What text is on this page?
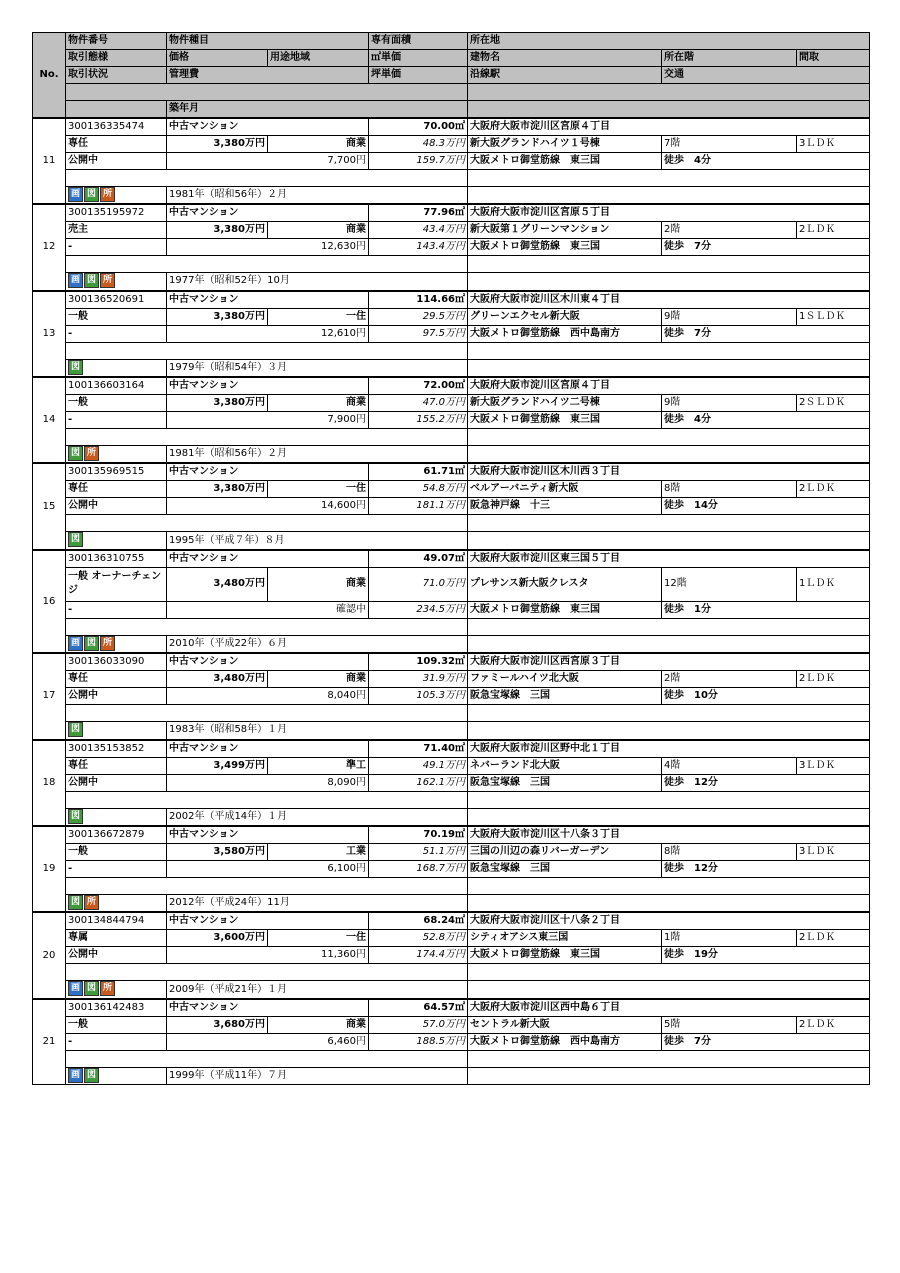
No.	物件番号	物件種目		専有面積	所在地		
	取引態様	価格	用途地域	㎡単価	建物名	所在階	間取
	取引状況	管理費		坪単価	沿線駅	交通	

		築年月					
11	300136335474	中古マンション		70.00㎡	大阪府大阪市淀川区宮原４丁目		
	専任	3,380万円	商業	48.3万円	新大阪グランドハイツ１号棟	7階	3ＬＤＫ
	公開中	7,700円		159.7万円	大阪メトロ御堂筋線　東三国	徒歩　4分	

	画 図 所	1981年（昭和56年）２月					
12	300135195972	中古マンション		77.96㎡	大阪府大阪市淀川区宮原５丁目		
	売主	3,380万円	商業	43.4万円	新大阪第１グリーンマンション	2階	2ＬＤＫ
	-	12,630円		143.4万円	大阪メトロ御堂筋線　東三国	徒歩　7分	

	画 図 所	1977年（昭和52年）10月					
13	300136520691	中古マンション		114.66㎡	大阪府大阪市淀川区木川東４丁目		
	一般	3,380万円	一住	29.5万円	グリーンエクセル新大阪	9階	1ＳＬＤＫ
	-	12,610円		97.5万円	大阪メトロ御堂筋線　西中島南方	徒歩　7分	

	図	1979年（昭和54年）３月					
14	100136603164	中古マンション		72.00㎡	大阪府大阪市淀川区宮原４丁目		
	一般	3,380万円	商業	47.0万円	新大阪グランドハイツ二号棟	9階	2ＳＬＤＫ
	-	7,900円		155.2万円	大阪メトロ御堂筋線　東三国	徒歩　4分	

	図 所	1981年（昭和56年）２月					
15	300135969515	中古マンション		61.71㎡	大阪府大阪市淀川区木川西３丁目		
	専任	3,380万円	一住	54.8万円	ベルアーバニティ新大阪	8階	2ＬＤＫ
	公開中	14,600円		181.1万円	阪急神戸線　十三	徒歩　14分	

	図	1995年（平成７年）８月					
16	300136310755	中古マンション		49.07㎡	大阪府大阪市淀川区東三国５丁目		
	一般 オーナーチェンジ	3,480万円	商業	71.0万円	プレサンス新大阪クレスタ	12階	1ＬＤＫ
	-	確認中		234.5万円	大阪メトロ御堂筋線　東三国	徒歩　1分	

	画 図 所	2010年（平成22年）６月					
17	300136033090	中古マンション		109.32㎡	大阪府大阪市淀川区西宮原３丁目		
	専任	3,480万円	商業	31.9万円	ファミールハイツ北大阪	2階	2ＬＤＫ
	公開中	8,040円		105.3万円	阪急宝塚線　三国	徒歩　10分	

	図	1983年（昭和58年）１月					
18	300135153852	中古マンション		71.40㎡	大阪府大阪市淀川区野中北１丁目		
	専任	3,499万円	準工	49.1万円	ネバーランド北大阪	4階	3ＬＤＫ
	公開中	8,090円		162.1万円	阪急宝塚線　三国	徒歩　12分	

	図	2002年（平成14年）１月					
19	300136672879	中古マンション		70.19㎡	大阪府大阪市淀川区十八条３丁目		
	一般	3,580万円	工業	51.1万円	三国の川辺の森リバーガーデン	8階	3ＬＤＫ
	-	6,100円		168.7万円	阪急宝塚線　三国	徒歩　12分	

	図 所	2012年（平成24年）11月					
20	300134844794	中古マンション		68.24㎡	大阪府大阪市淀川区十八条２丁目		
	専属	3,600万円	一住	52.8万円	シティオアシス東三国	1階	2ＬＤＫ
	公開中	11,360円		174.4万円	大阪メトロ御堂筋線　東三国	徒歩　19分	

	画 図 所	2009年（平成21年）１月					
21	300136142483	中古マンション		64.57㎡	大阪府大阪市淀川区西中島６丁目		
	一般	3,680万円	商業	57.0万円	セントラル新大阪	5階	2ＬＤＫ
	-	6,460円		188.5万円	大阪メトロ御堂筋線　西中島南方	徒歩　7分	

	画 図	1999年（平成11年）７月					
